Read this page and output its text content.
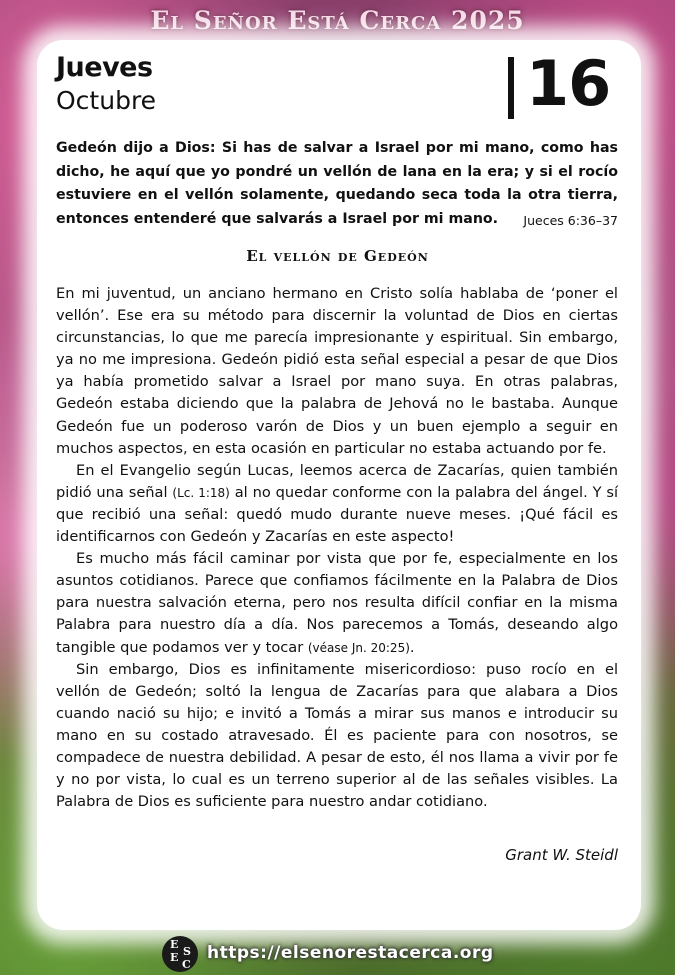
El Señor Está Cerca 2025
Jueves
Octubre	16
Gedeón dijo a Dios: Si has de salvar a Israel por mi mano, como has dicho, he aquí que yo pondré un vellón de lana en la era; y si el rocío estuviere en el vellón solamente, quedando seca toda la otra tierra, entonces entenderé que salvarás a Israel por mi mano. Jueces 6:36–37
El vellón de Gedeón

En mi juventud, un anciano hermano en Cristo solía hablaba de ‘poner el vellón’. Ese era su método para discernir la voluntad de Dios en ciertas circunstancias, lo que me parecía impresionante y espiritual. Sin embargo, ya no me impresiona. Gedeón pidió esta señal especial a pesar de que Dios ya había prometido salvar a Israel por mano suya. En otras palabras, Gedeón estaba diciendo que la palabra de Jehová no le bastaba. Aunque Gedeón fue un poderoso varón de Dios y un buen ejemplo a seguir en muchos aspectos, en esta ocasión en particular no estaba actuando por fe.

En el Evangelio según Lucas, leemos acerca de Zacarías, quien también pidió una señal (Lc. 1:18) al no quedar conforme con la palabra del ángel. Y sí que recibió una señal: quedó mudo durante nueve meses. ¡Qué fácil es identificarnos con Gedeón y Zacarías en este aspecto!

Es mucho más fácil caminar por vista que por fe, especialmente en los asuntos cotidianos. Parece que confiamos fácilmente en la Palabra de Dios para nuestra salvación eterna, pero nos resulta difícil confiar en la misma Palabra para nuestro día a día. Nos parecemos a Tomás, deseando algo tangible que podamos ver y tocar (véase Jn. 20:25).

Sin embargo, Dios es infinitamente misericordioso: puso rocío en el vellón de Gedeón; soltó la lengua de Zacarías para que alabara a Dios cuando nació su hijo; e invitó a Tomás a mirar sus manos e introducir su mano en su costado atravesado. Él es paciente para con nosotros, se compadece de nuestra debilidad. A pesar de esto, él nos llama a vivir por fe y no por vista, lo cual es un terreno superior al de las señales visibles. La Palabra de Dios es suficiente para nuestro andar cotidiano.

Grant W. Steidl
E
S
E
C
https://elsenorestacerca.org
